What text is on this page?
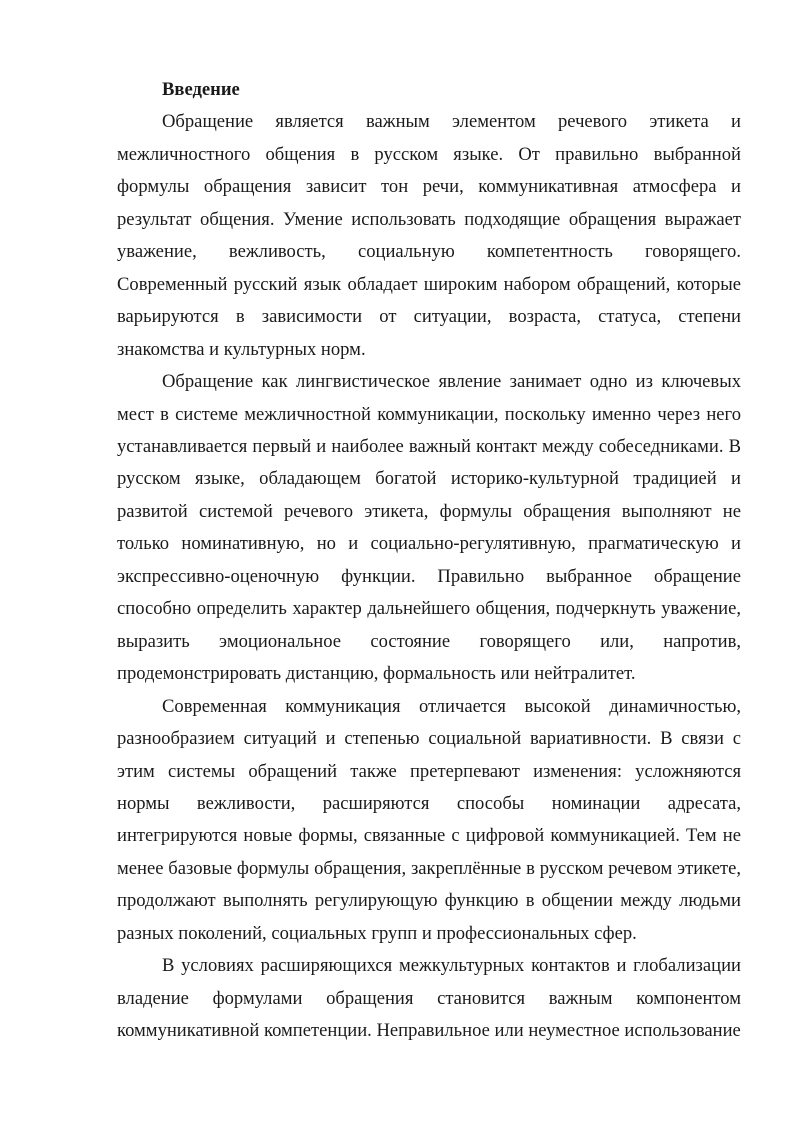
Введение

Обращение является важным элементом речевого этикета и межличностного общения в русском языке. От правильно выбранной формулы обращения зависит тон речи, коммуникативная атмосфера и результат общения. Умение использовать подходящие обращения выражает уважение, вежливость, социальную компетентность говорящего. Современный русский язык обладает широким набором обращений, которые варьируются в зависимости от ситуации, возраста, статуса, степени знакомства и культурных норм.

Обращение как лингвистическое явление занимает одно из ключевых мест в системе межличностной коммуникации, поскольку именно через него устанавливается первый и наиболее важный контакт между собеседниками. В русском языке, обладающем богатой историко-культурной традицией и развитой системой речевого этикета, формулы обращения выполняют не только номинативную, но и социально-регулятивную, прагматическую и экспрессивно-оценочную функции. Правильно выбранное обращение способно определить характер дальнейшего общения, подчеркнуть уважение, выразить эмоциональное состояние говорящего или, напротив, продемонстрировать дистанцию, формальность или нейтралитет.

Современная коммуникация отличается высокой динамичностью, разнообразием ситуаций и степенью социальной вариативности. В связи с этим системы обращений также претерпевают изменения: усложняются нормы вежливости, расширяются способы номинации адресата, интегрируются новые формы, связанные с цифровой коммуникацией. Тем не менее базовые формулы обращения, закреплённые в русском речевом этикете, продолжают выполнять регулирующую функцию в общении между людьми разных поколений, социальных групп и профессиональных сфер.

В условиях расширяющихся межкультурных контактов и глобализации владение формулами обращения становится важным компонентом коммуникативной компетенции. Неправильное или неуместное использование
